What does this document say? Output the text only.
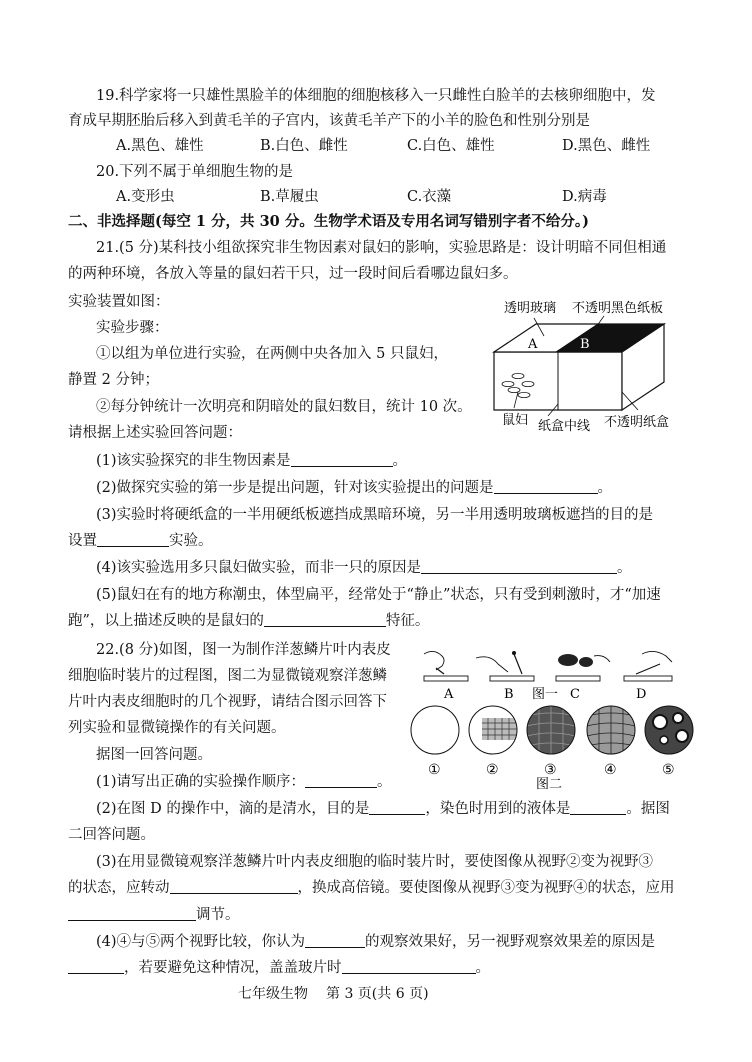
19.科学家将一只雄性黑脸羊的体细胞的细胞核移入一只雌性白脸羊的去核卵细胞中，发
育成早期胚胎后移入到黄毛羊的子宫内，该黄毛羊产下的小羊的脸色和性别分别是
A.黑色、雄性	B.白色、雌性	C.白色、雄性	D.黑色、雌性
20.下列不属于单细胞生物的是
A.变形虫	B.草履虫	C.衣藻	D.病毒
二、非选择题(每空 1 分，共 30 分。生物学术语及专用名词写错别字者不给分。)
21.(5 分)某科技小组欲探究非生物因素对鼠妇的影响，实验思路是：设计明暗不同但相通
的两种环境，各放入等量的鼠妇若干只，过一段时间后看哪边鼠妇多。
实验装置如图：
实验步骤：
①以组为单位进行实验，在两侧中央各加入 5 只鼠妇，
静置 2 分钟；
②每分钟统计一次明亮和阴暗处的鼠妇数目，统计 10 次。
请根据上述实验回答问题：
透明玻璃 不透明黑色纸板
A	B
鼠妇 纸盒中线 不透明纸盒
(1)该实验探究的非生物因素是	。
(2)做探究实验的第一步是提出问题，针对该实验提出的问题是	。
(3)实验时将硬纸盒的一半用硬纸板遮挡成黑暗环境，另一半用透明玻璃板遮挡的目的是
设置	实验。
(4)该实验选用多只鼠妇做实验，而非一只的原因是	。
(5)鼠妇在有的地方称潮虫，体型扁平，经常处于“静止”状态，只有受到刺激时，才“加速
跑”，以上描述反映的是鼠妇的	特征。
22.(8 分)如图，图一为制作洋葱鳞片叶内表皮
细胞临时装片的过程图，图二为显微镜观察洋葱鳞
片叶内表皮细胞时的几个视野，请结合图示回答下
列实验和显微镜操作的有关问题。
据图一回答问题。
(1)请写出正确的实验操作顺序：	。
A	B 图一 C	D
①	②	③	④	⑤
图二
(2)在图 D 的操作中，滴的是清水，目的是	，染色时用到的液体是	。据图
二回答问题。
(3)在用显微镜观察洋葱鳞片叶内表皮细胞的临时装片时，要使图像从视野②变为视野③
的状态，应转动	，换成高倍镜。要使图像从视野③变为视野④的状态，应用
调节。
(4)④与⑤两个视野比较，你认为	的观察效果好，另一视野观察效果差的原因是
，若要避免这种情况，盖盖玻片时	。
七年级生物 第 3 页(共 6 页)
